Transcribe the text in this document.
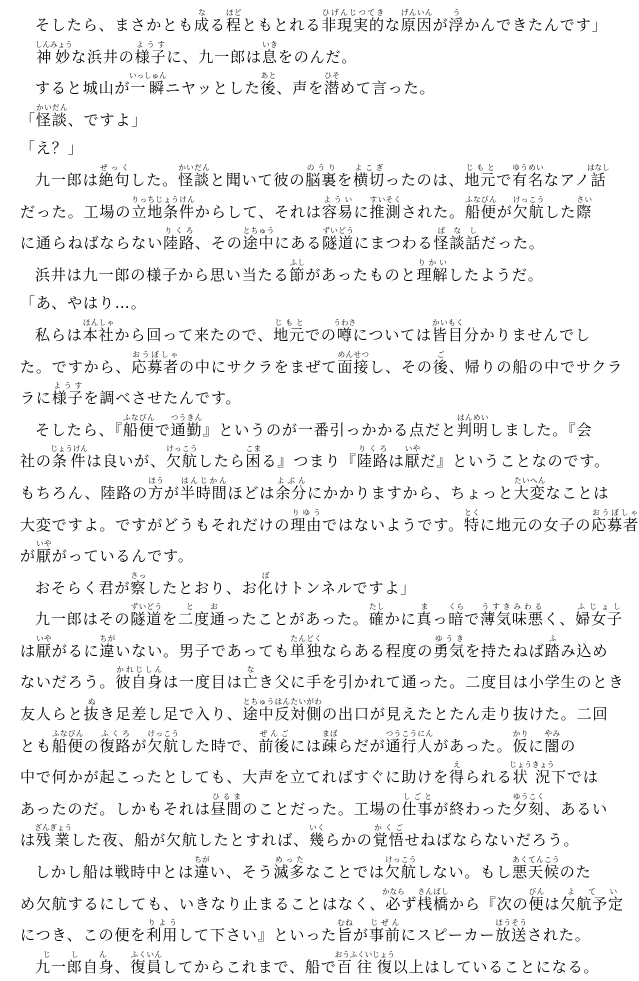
そしたら、まさかとも成なる程ほどともとれる非現実的ひげんじつてきな原因げんいんが浮うかんできたんです」

神妙しんみょうな浜井の様子ようすに、九一郎は息いきをのんだ。

すると城山が一瞬いっしゅんニヤッとした後あと、声を潜ひそめて言った。

「怪談かいだん、ですよ」

「え？」

九一郎は絶句ぜっくした。怪談かいだんと聞いて彼の脳裏のうりを横切よこぎったのは、地元じもとで有名ゆうめいなアノ話はなし

だった。工場の立地条件りっちじょうけんからして、それは容易よういに推測すいそくされた。船便ふなびんが欠航けっこうした際さい

に通らねばならない陸路りくろ、その途中とちゅうにある隧道ずいどうにまつわる怪談話ばなしだった。

浜井は九一郎の様子から思い当たる節ふしがあったものと理解りかいしたようだ。

「あ、やはり…。

私らは本社ほんしゃから回って来たので、地元じもとでの噂うわさについては皆目かいもく分かりませんでし

た。ですから、応募者おうぼしゃの中にサクラをまぜて面接めんせつし、その後ご、帰りの船の中でサクラ

ラに様子ようすを調べさせたんです。

そしたら、『船便ふなびんで通勤つうきん』というのが一番引っかかる点だと判明はんめいしました。『会

社の条件じょうけんは良いが、欠航けっこうしたら困こまる』つまり『陸路りくろは厭いやだ』ということなのです。

もちろん、陸路の方ほうが半時間はんじかんほどは余分よぶんにかかりますから、ちょっと大変たいへんなことは

大変ですよ。ですがどうもそれだけの理由りゆうではないようです。特とくに地元の女子の応募者おうぼしゃ

が厭いやがっているんです。

おそらく君が察さっしたとおり、お化ばけトンネルですよ」

九一郎はその隧道ずいどうを二度通とおったことがあった。確たしかに真まっ暗くらで薄気味悪うすきみわるく、婦女子ふじょし

は厭いやがるに違ちがいない。男子であっても単独たんどくならある程度の勇気ゆうきを持たねば踏ふみ込め

ないだろう。彼自身かれじしんは一度目は亡なき父に手を引かれて通った。二度目は小学生のとき

友人らと抜ぬき足差し足で入り、途中とちゅう反対側はんたいがわの出口が見えたとたん走り抜けた。二回

とも船便ふなびんの復路ふくろが欠航けっこうした時で、前後ぜんごには疎まばらだが通行人つうこうにんがあった。仮かりに闇やみの

中で何かが起こったとしても、大声を立てればすぐに助けを得えられる状況じょうきょう下では

あったのだ。しかもそれは昼間ひるまのことだった。工場の仕事しごとが終わった夕刻ゆうこく、あるい

は残業ざんぎょうした夜、船が欠航したとすれば、幾いくらかの覚悟かくごせねばならないだろう。

しかし船は戦時中とは違ちがい、そう滅多めったなことでは欠航けっこうしない。もし悪天候あくてんこうのた

め欠航するにしても、いきなり止まることはなく、必かならず桟橋さんばしから『次の便びんは欠航予定よてい

につき、この便を利用りようして下さい』といった旨むねが事前じぜんにスピーカー放送ほうそうされた。

九一郎自身じしん、復員ふくいんしてからこれまで、船で百往復おうふくいじょう以上はしていることになる。
